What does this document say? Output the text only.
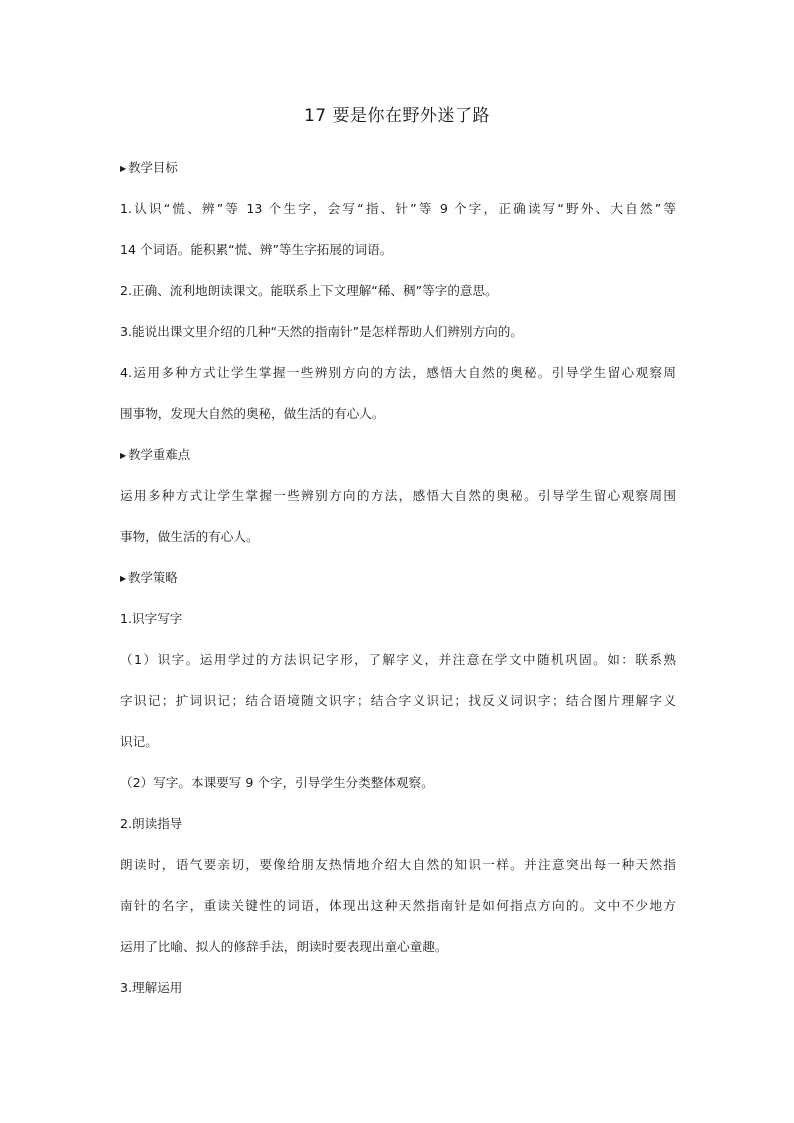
17 要是你在野外迷了路
▶ 教学目标
1.认识“慌、辨”等 13 个生字，会写“指、针”等 9 个字，正确读写“野外、大自然”等
14 个词语。能积累“慌、辨”等生字拓展的词语。
2.正确、流利地朗读课文。能联系上下文理解“稀、稠”等字的意思。
3.能说出课文里介绍的几种“天然的指南针”是怎样帮助人们辨别方向的。
4.运用多种方式让学生掌握一些辨别方向的方法，感悟大自然的奥秘。引导学生留心观察周
围事物，发现大自然的奥秘，做生活的有心人。
▶ 教学重难点
运用多种方式让学生掌握一些辨别方向的方法，感悟大自然的奥秘。引导学生留心观察周围
事物，做生活的有心人。
▶ 教学策略
1.识字写字
（1）识字。运用学过的方法识记字形，了解字义，并注意在学文中随机巩固。如：联系熟
字识记；扩词识记；结合语境随文识字；结合字义识记；找反义词识字；结合图片理解字义
识记。
（2）写字。本课要写 9 个字，引导学生分类整体观察。
2.朗读指导
朗读时，语气要亲切，要像给朋友热情地介绍大自然的知识一样。并注意突出每一种天然指
南针的名字，重读关键性的词语，体现出这种天然指南针是如何指点方向的。文中不少地方
运用了比喻、拟人的修辞手法，朗读时要表现出童心童趣。
3.理解运用
